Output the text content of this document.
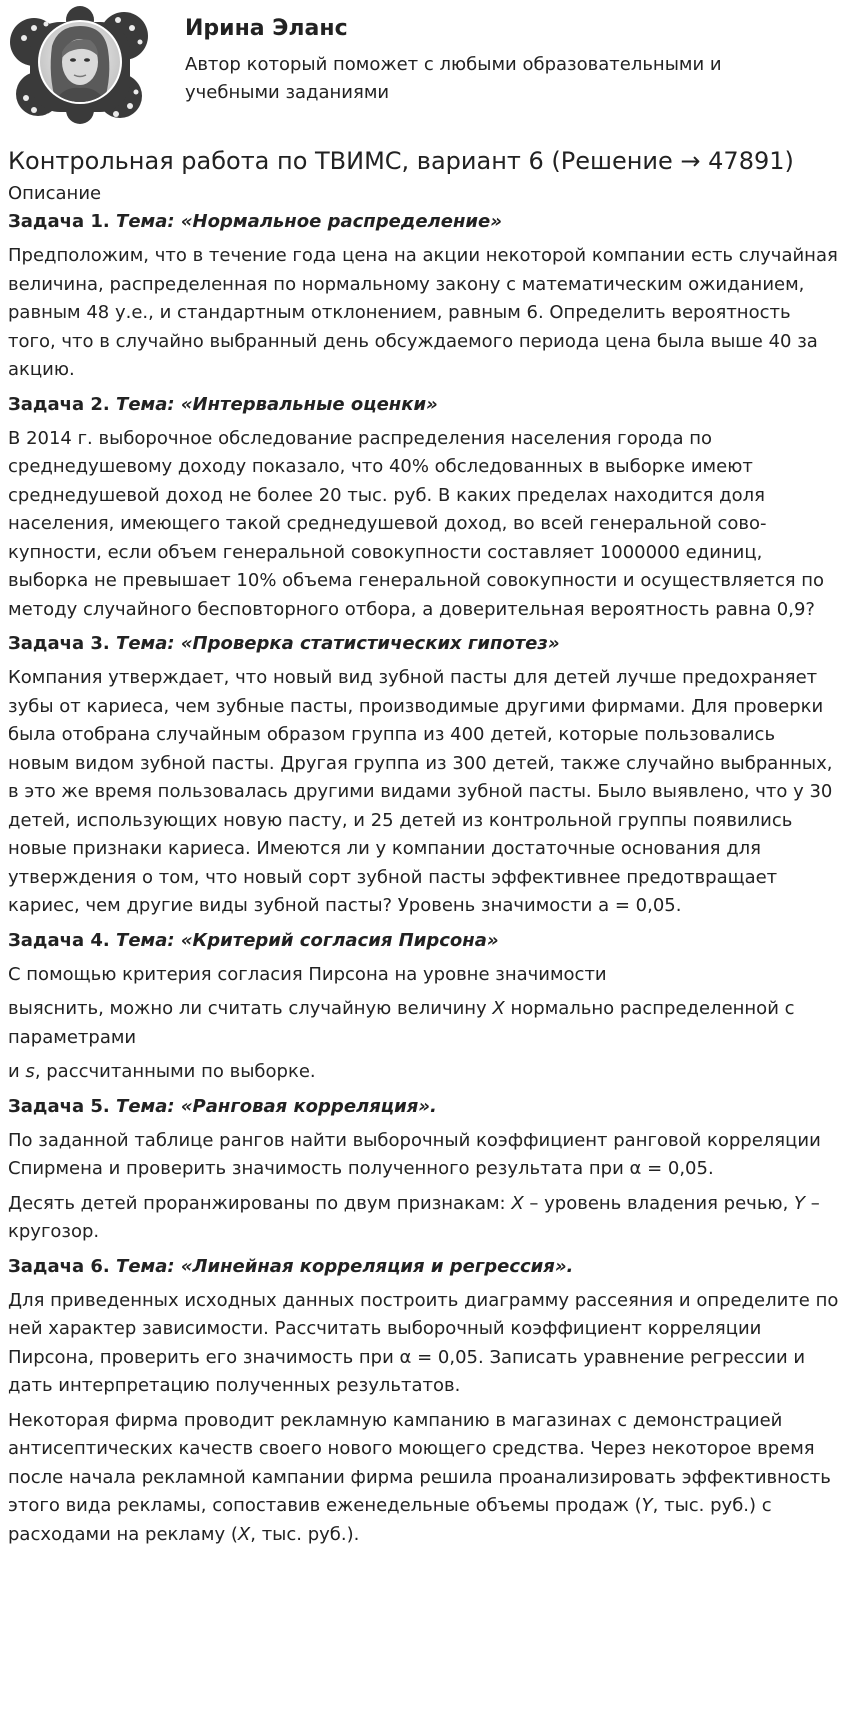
Ирина Эланс

Автор который поможет с любыми образовательными и учебными заданиями

Контрольная работа по ТВИМС, вариант 6 (Решение → 47891)

Описание

Задача 1. Тема: «Нормальное распределение»

Предположим, что в течение года цена на акции некоторой компании есть случайная величина, распределенная по нормальному закону с математическим ожиданием, равным 48 у.е., и стандартным отклонением, равным 6. Определить вероятность того, что в случайно выбранный день обсуждаемого периода цена была выше 40 за акцию.

Задача 2. Тема: «Интервальные оценки»

В 2014 г. выборочное обследование распределения населения города по среднедушевому доходу показало, что 40% обследованных в выборке имеют среднедушевой доход не более 20 тыс. руб. В каких пределах находится доля населения, имеющего такой среднедушевой доход, во всей генеральной совокупности, если объем генеральной совокупности составляет 1000000 единиц, выборка не превышает 10% объема генеральной совокупности и осуществляется по методу случайного бесповторного отбора, а доверительная вероятность равна 0,9?

Задача 3. Тема: «Проверка статистических гипотез»

Компания утверждает, что новый вид зубной пасты для детей лучше предохраняет зубы от кариеса, чем зубные пасты, производимые другими фирмами. Для проверки была отобрана случайным образом группа из 400 детей, которые пользовались новым видом зубной пасты. Другая группа из 300 детей, также случайно выбранных, в это же время пользовалась другими видами зубной пасты. Было выявлено, что у 30 детей, использующих новую пасту, и 25 детей из контрольной группы появились новые признаки кариеса. Имеются ли у компании достаточные основания для утверждения о том, что новый сорт зубной пасты эффективнее предотвращает кариес, чем другие виды зубной пасты? Уровень значимости a = 0,05.

Задача 4. Тема: «Критерий согласия Пирсона»

С помощью критерия согласия Пирсона на уровне значимости

выяснить, можно ли считать случайную величину X нормально распределенной с параметрами

и s, рассчитанными по выборке.

Задача 5. Тема: «Ранговая корреляция».

По заданной таблице рангов найти выборочный коэффициент ранговой корреляции Спирмена и проверить значимость полученного результата при α = 0,05.

Десять детей проранжированы по двум признакам: X – уровень владения речью, Y – кругозор.

Задача 6. Тема: «Линейная корреляция и регрессия».

Для приведенных исходных данных построить диаграмму рассеяния и определите по ней характер зависимости. Рассчитать выборочный коэффициент корреляции Пирсона, проверить его значимость при α = 0,05. Записать уравнение регрессии и дать интерпретацию полученных результатов.

Некоторая фирма проводит рекламную кампанию в магазинах с демонстрацией антисептических качеств своего нового моющего средства. Через некоторое время после начала рекламной кампании фирма решила проанализировать эффективность этого вида рекламы, сопоставив еженедельные объемы продаж (Y, тыс. руб.) с расходами на рекламу (X, тыс. руб.).
